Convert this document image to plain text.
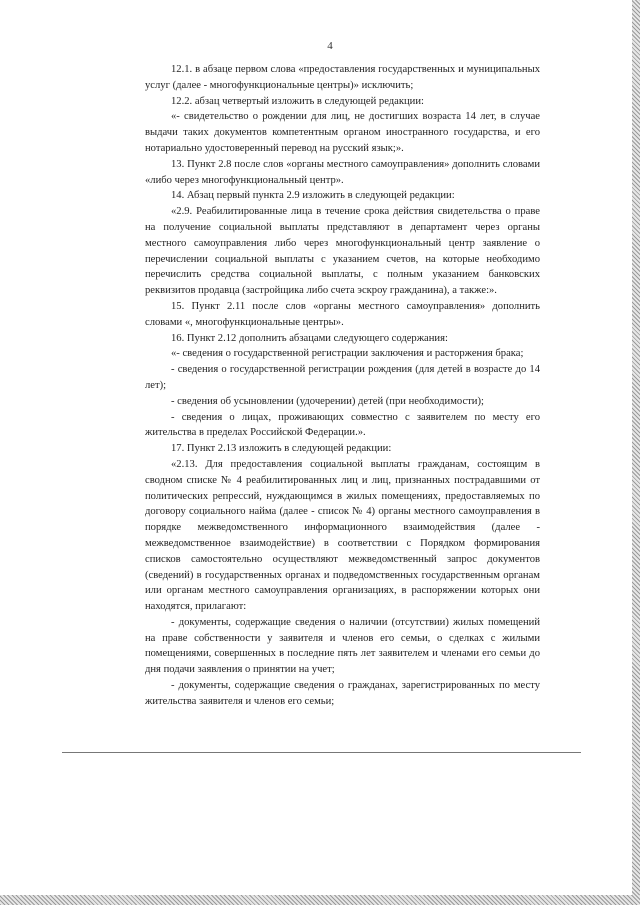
4

12.1. в абзаце первом слова «предоставления государственных и муниципальных услуг (далее - многофункциональные центры)» исключить;

12.2. абзац четвертый изложить в следующей редакции:

«- свидетельство о рождении для лиц, не достигших возраста 14 лет, в случае выдачи таких документов компетентным органом иностранного государства, и его нотариально удостоверенный перевод на русский язык;».

13. Пункт 2.8 после слов «органы местного самоуправления» дополнить словами «либо через многофункциональный центр».

14. Абзац первый пункта 2.9 изложить в следующей редакции:

«2.9. Реабилитированные лица в течение срока действия свидетельства о праве на получение социальной выплаты представляют в департамент через органы местного самоуправления либо через многофункциональный центр заявление о перечислении социальной выплаты с указанием счетов, на которые необходимо перечислить средства социальной выплаты, с полным указанием банковских реквизитов продавца (застройщика либо счета эскроу гражданина), а также:».

15. Пункт 2.11 после слов «органы местного самоуправления» дополнить словами «, многофункциональные центры».

16. Пункт 2.12 дополнить абзацами следующего содержания:

«- сведения о государственной регистрации заключения и расторжения брака;

- сведения о государственной регистрации рождения (для детей в возрасте до 14 лет);

- сведения об усыновлении (удочерении) детей (при необходимости);

- сведения о лицах, проживающих совместно с заявителем по месту его жительства в пределах Российской Федерации.».

17. Пункт 2.13 изложить в следующей редакции:

«2.13. Для предоставления социальной выплаты гражданам, состоящим в сводном списке № 4 реабилитированных лиц и лиц, признанных пострадавшими от политических репрессий, нуждающимся в жилых помещениях, предоставляемых по договору социального найма (далее - список № 4) органы местного самоуправления в порядке межведомственного информационного взаимодействия (далее - межведомственное взаимодействие) в соответствии с Порядком формирования списков самостоятельно осуществляют межведомственный запрос документов (сведений) в государственных органах и подведомственных государственным органам или органам местного самоуправления организациях, в распоряжении которых они находятся, прилагают:

- документы, содержащие сведения о наличии (отсутствии) жилых помещений на праве собственности у заявителя и членов его семьи, о сделках с жилыми помещениями, совершенных в последние пять лет заявителем и членами его семьи до дня подачи заявления о принятии на учет;

- документы, содержащие сведения о гражданах, зарегистрированных по месту жительства заявителя и членов его семьи;
